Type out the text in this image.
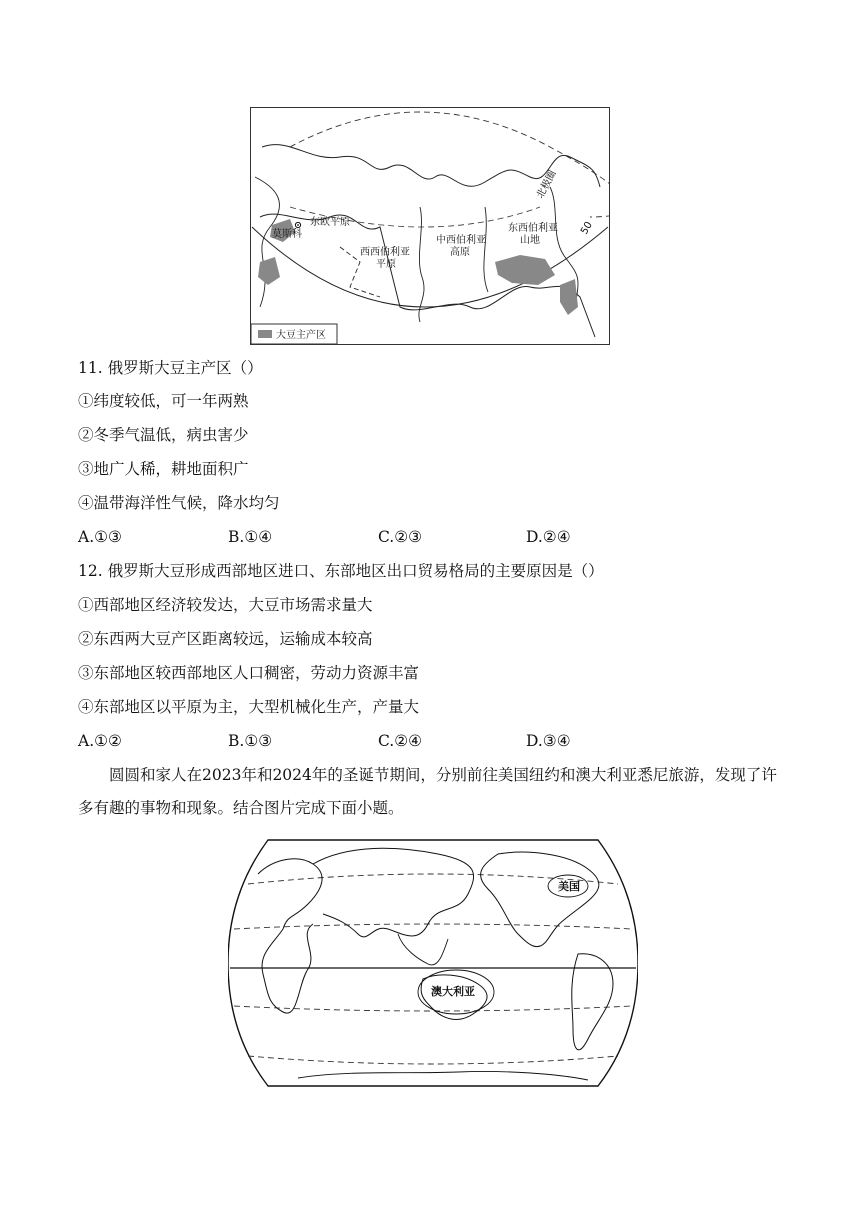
莫斯科
东欧平原
西西伯利亚
平原
中西伯利亚
高原
东西伯利亚
山地
北极圈
50
大豆主产区
11. 俄罗斯大豆主产区（）
①纬度较低，可一年两熟
②冬季气温低，病虫害少
③地广人稀，耕地面积广
④温带海洋性气候，降水均匀
A.①③	B.①④	C.②③	D.②④
12. 俄罗斯大豆形成西部地区进口、东部地区出口贸易格局的主要原因是（）
①西部地区经济较发达，大豆市场需求量大
②东西两大豆产区距离较远，运输成本较高
③东部地区较西部地区人口稠密，劳动力资源丰富
④东部地区以平原为主，大型机械化生产，产量大
A.①②	B.①③	C.②④	D.③④
圆圆和家人在2023年和2024年的圣诞节期间，分别前往美国纽约和澳大利亚悉尼旅游，发现了许多有趣的事物和现象。结合图片完成下面小题。
美国
澳大利亚
